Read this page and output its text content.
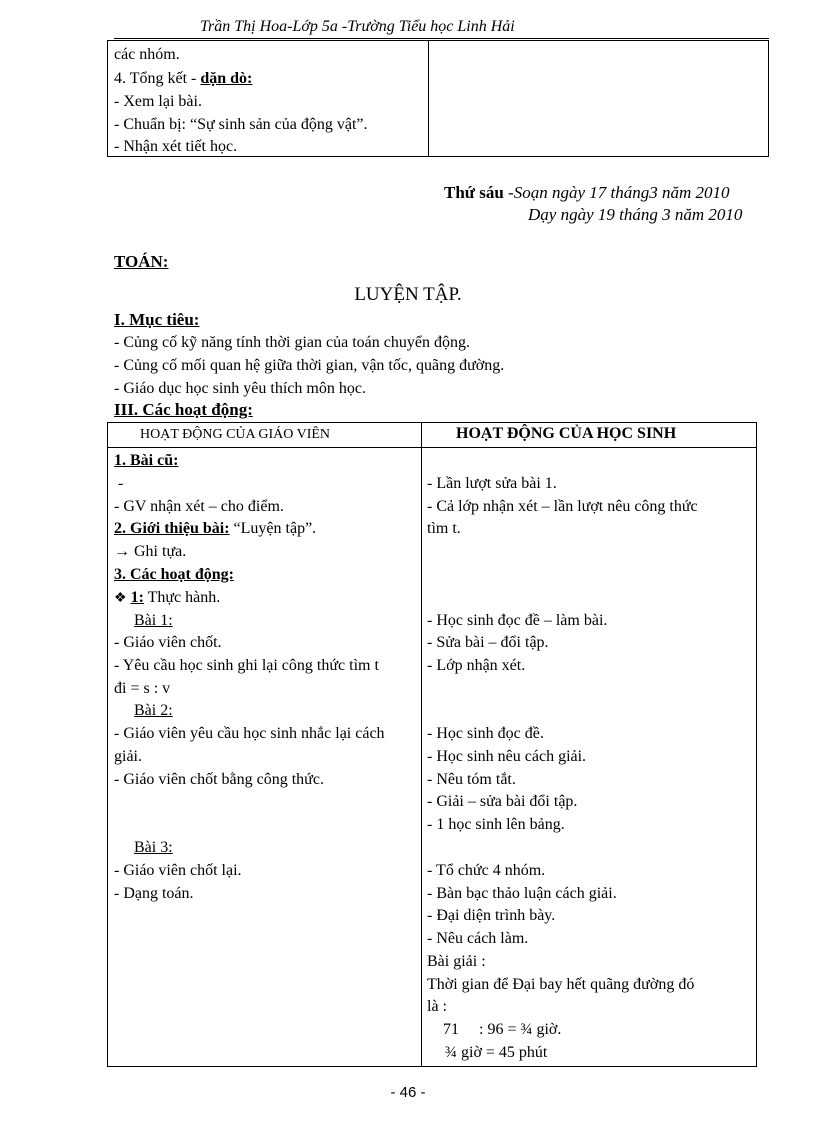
Trần Thị Hoa-Lớp 5a -Trường Tiểu học Linh Hải
các nhóm.
4. Tổng kết - dặn dò:
- Xem lại bài.
- Chuẩn bị: “Sự sinh sản của động vật”.
- Nhận xét tiết học.
Thứ sáu -Soạn ngày 17 tháng3 năm 2010
Dạy ngày 19 tháng 3 năm 2010
TOÁN:
LUYỆN TẬP.
I. Mục tiêu:
- Củng cố kỹ năng tính thời gian của toán chuyển động.
- Củng cố mối quan hệ giữa thời gian, vận tốc, quãng đường.
- Giáo dục học sinh yêu thích môn học.
III. Các hoạt động:
HOẠT ĐỘNG CỦA GIÁO VIÊN	HOẠT ĐỘNG CỦA HỌC SINH
1. Bài cũ:
-
- GV nhận xét – cho điểm.
2. Giới thiệu bài: “Luyện tập”.
→ Ghi tựa.
3. Các hoạt động:
❖ 1: Thực hành.
Bài 1:
- Giáo viên chốt.
- Yêu cầu học sinh ghi lại công thức tìm t
đi = s : v
Bài 2:
- Giáo viên yêu cầu học sinh nhắc lại cách
giải.
- Giáo viên chốt bằng công thức.
Bài 3:
- Giáo viên chốt lại.
- Dạng toán.
- Lần lượt sửa bài 1.
- Cả lớp nhận xét – lần lượt nêu công thức
tìm t.
- Học sinh đọc đề – làm bài.
- Sửa bài – đổi tập.
- Lớp nhận xét.
- Học sinh đọc đề.
- Học sinh nêu cách giải.
- Nêu tóm tắt.
- Giải – sửa bài đổi tập.
- 1 học sinh lên bảng.
- Tổ chức 4 nhóm.
- Bàn bạc thảo luận cách giải.
- Đại diện trình bày.
- Nêu cách làm.
Bài giải :
Thời gian để Đại bay hết quãng đường đó
là :
71 : 96 = ¾ giờ.
¾ giờ = 45 phút
- 46 -
